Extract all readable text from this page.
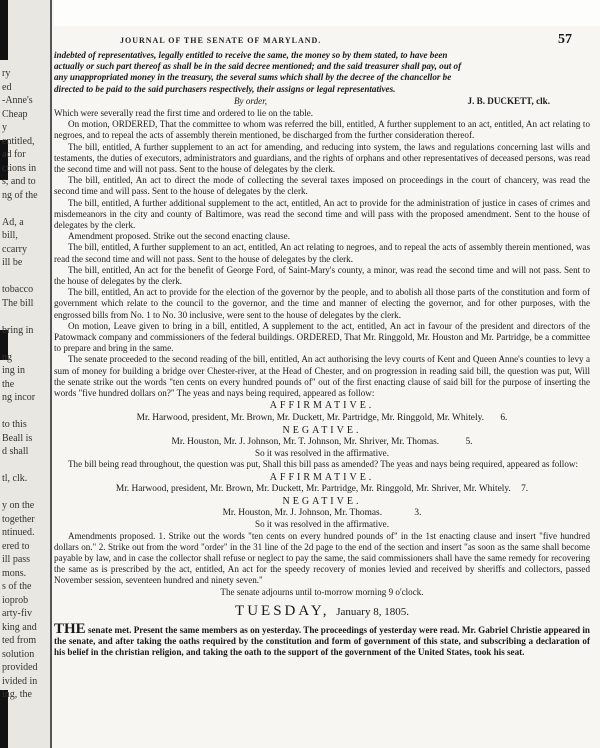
ry
ed
-Anne's
Cheap
y
entitled,
ad for
ctions in
s, and to
ng of the
Ad, a
bill,
ccarry
ill be
tobacco
The bill
bring in
ng
ing in
the
ng incor
to this
Beall is
d shall
tl, clk.
y on the
together
ntinued.
ered to
ill pass
mons.
s of the
ioprob
arty-fiv
king and
ted from
solution
provided
ivided in
ing, the
JOURNAL OF THE SENATE OF MARYLAND.	57

indebted of representatives, legally entitled to receive the same, the money so by them stated, to have been

actually or such part thereof as shall be in the said decree mentioned; and the said treasurer shall pay, out of

any unappropriated money in the treasury, the several sums which shall by the decree of the chancellor be

directed to be paid to the said purchasers respectively, their assigns or legal representatives.

By order,	J. B. DUCKETT, clk.

Which were severally read the first time and ordered to lie on the table.

On motion, ORDERED, That the committee to whom was referred the bill, entitled, A further supplement to an act, entitled, An act relating to negroes, and to repeal the acts of assembly therein mentioned, be discharged from the further consideration thereof.

The bill, entitled, A further supplement to an act for amending, and reducing into system, the laws and regulations concerning last wills and testaments, the duties of executors, administrators and guardians, and the rights of orphans and other representatives of deceased persons, was read the second time and will not pass. Sent to the house of delegates by the clerk.

The bill, entitled, An act to direct the mode of collecting the several taxes imposed on proceedings in the court of chancery, was read the second time and will pass. Sent to the house of delegates by the clerk.

The bill, entitled, A further additional supplement to the act, entitled, An act to provide for the administration of justice in cases of crimes and misdemeanors in the city and county of Baltimore, was read the second time and will pass with the proposed amendment. Sent to the house of delegates by the clerk.

Amendment proposed. Strike out the second enacting clause.

The bill, entitled, A further supplement to an act, entitled, An act relating to negroes, and to repeal the acts of assembly therein mentioned, was read the second time and will not pass. Sent to the house of delegates by the clerk.

The bill, entitled, An act for the benefit of George Ford, of Saint-Mary's county, a minor, was read the second time and will not pass. Sent to the house of delegates by the clerk.

The bill, entitled, An act to provide for the election of the governor by the people, and to abolish all those parts of the constitution and form of government which relate to the council to the governor, and the time and manner of electing the governor, and for other purposes, with the engrossed bills from No. 1 to No. 30 inclusive, were sent to the house of delegates by the clerk.

On motion, Leave given to bring in a bill, entitled, A supplement to the act, entitled, An act in favour of the president and directors of the Patowmack company and commissioners of the federal buildings. ORDERED, That Mr. Ringgold, Mr. Houston and Mr. Partridge, be a committee to prepare and bring in the same.

The senate proceeded to the second reading of the bill, entitled, An act authorising the levy courts of Kent and Queen Anne's counties to levy a sum of money for building a bridge over Chester-river, at the Head of Chester, and on progression in reading said bill, the question was put, Will the senate strike out the words "ten cents on every hundred pounds of" out of the first enacting clause of said bill for the purpose of inserting the words "five hundred dollars on?" The yeas and nays being required, appeared as follow:

AFFIRMATIVE.
Mr. Harwood, president, Mr. Brown, Mr. Duckett, Mr. Partridge, Mr. Ringgold, Mr. Whitely. 6.
NEGATIVE.
Mr. Houston, Mr. J. Johnson, Mr. T. Johnson, Mr. Shriver, Mr. Thomas.	5.
So it was resolved in the affirmative.

The bill being read throughout, the question was put, Shall this bill pass as amended? The yeas and nays being required, appeared as follow:

AFFIRMATIVE.
Mr. Harwood, president, Mr. Brown, Mr. Duckett, Mr. Partridge, Mr. Ringgold, Mr. Shriver, Mr. Whitely. 7.
NEGATIVE.
Mr. Houston, Mr. J. Johnson, Mr. Thomas.	3.
So it was resolved in the affirmative.

Amendments proposed. 1. Strike out the words "ten cents on every hundred pounds of" in the 1st enacting clause and insert "five hundred dollars on." 2. Strike out from the word "order" in the 31 line of the 2d page to the end of the section and insert "as soon as the same shall become payable by law, and in case the collector shall refuse or neglect to pay the same, the said commissioners shall have the same remedy for recovering the same as is prescribed by the act, entitled, An act for the speedy recovery of monies levied and received by sheriffs and collectors, passed November session, seventeen hundred and ninety seven."

The senate adjourns until to-morrow morning 9 o'clock.
TUESDAY, January 8, 1805.

THE senate met. Present the same members as on yesterday. The proceedings of yesterday were read. Mr. Gabriel Christie appeared in the senate, and after taking the oaths required by the constitution and form of government of this state, and subscribing a declaration of his belief in the christian religion, and taking the oath to the support of the government of the United States, took his seat.
